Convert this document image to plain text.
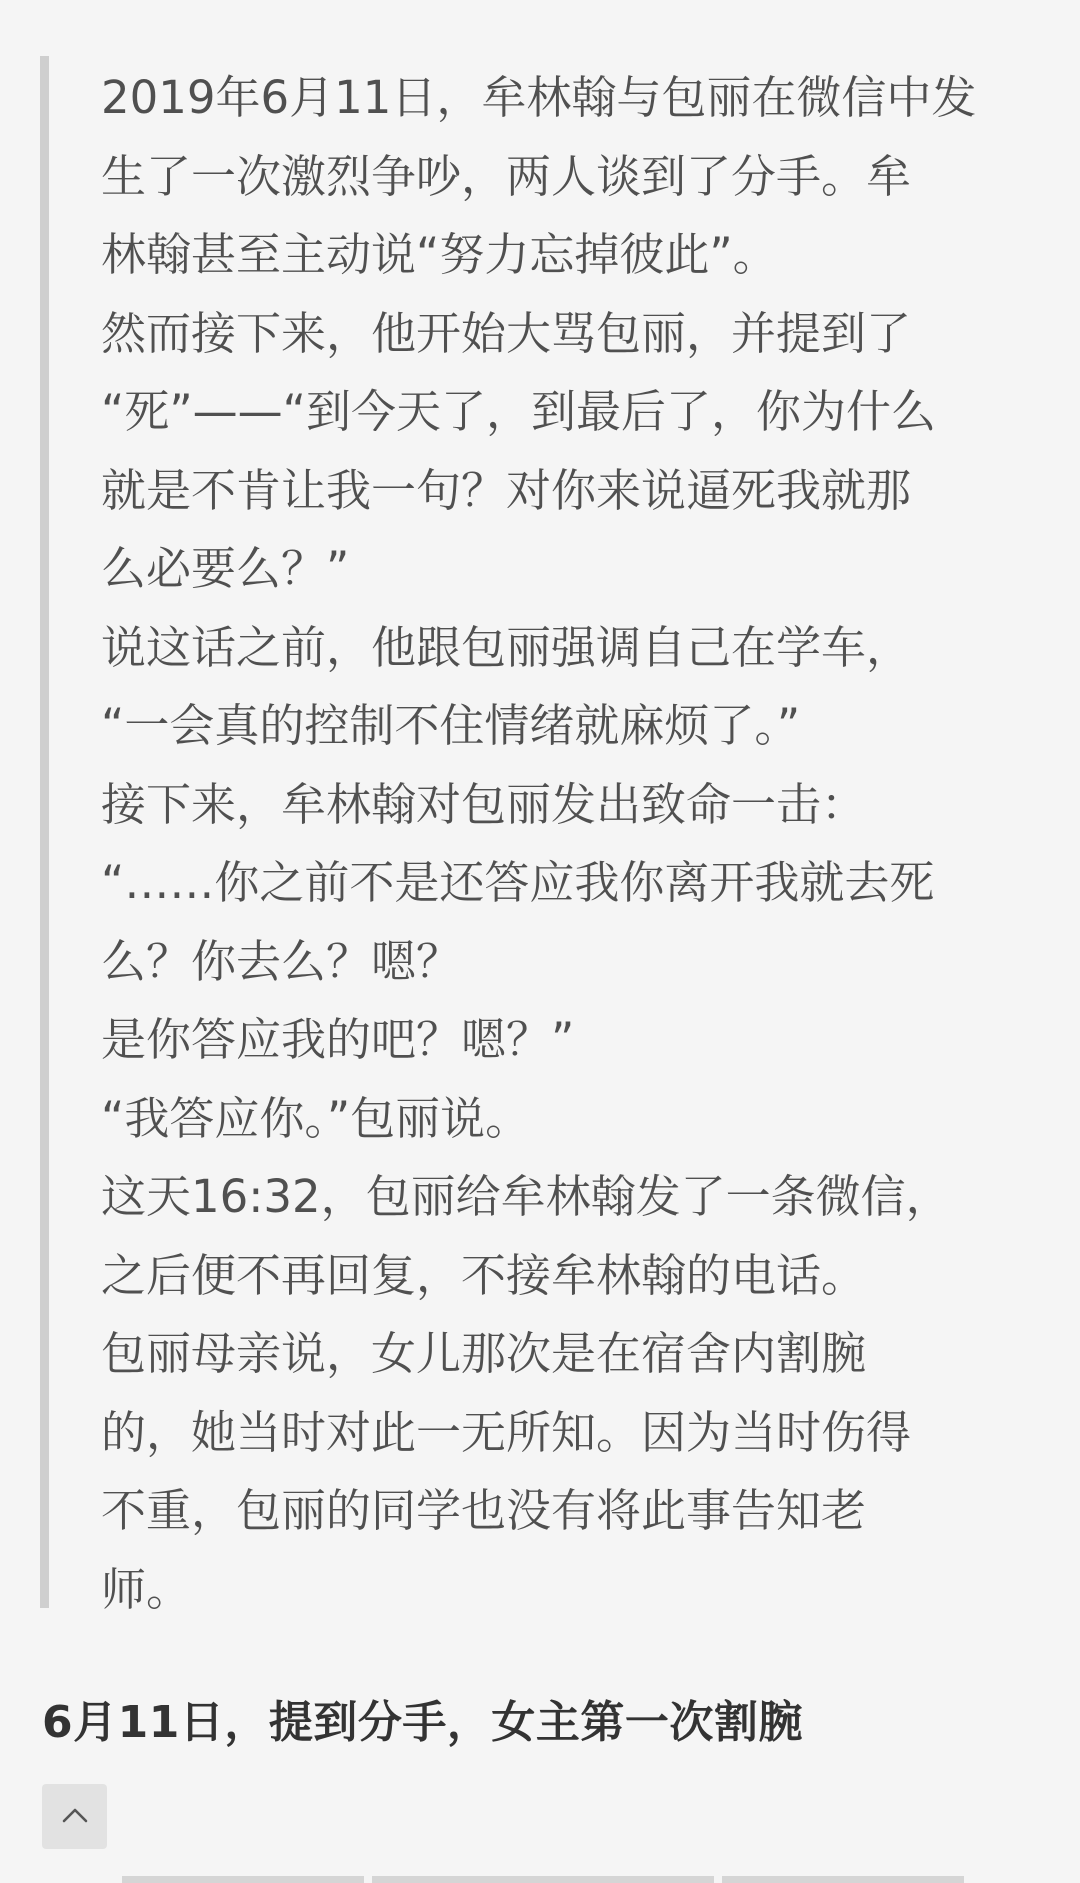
2019年6月11日，牟林翰与包丽在微信中发
生了一次激烈争吵，两人谈到了分手。牟
林翰甚至主动说“努力忘掉彼此”。
然而接下来，他开始大骂包丽，并提到了
“死”——“到今天了，到最后了，你为什么
就是不肯让我一句？对你来说逼死我就那
么必要么？”
说这话之前，他跟包丽强调自己在学车，
“一会真的控制不住情绪就麻烦了。”
接下来，牟林翰对包丽发出致命一击：
“……你之前不是还答应我你离开我就去死
么？你去么？嗯？
是你答应我的吧？嗯？”
“我答应你。”包丽说。
这天16:32，包丽给牟林翰发了一条微信，
之后便不再回复，不接牟林翰的电话。
包丽母亲说，女儿那次是在宿舍内割腕
的，她当时对此一无所知。因为当时伤得
不重，包丽的同学也没有将此事告知老
师。
6月11日，提到分手，女主第一次割腕
